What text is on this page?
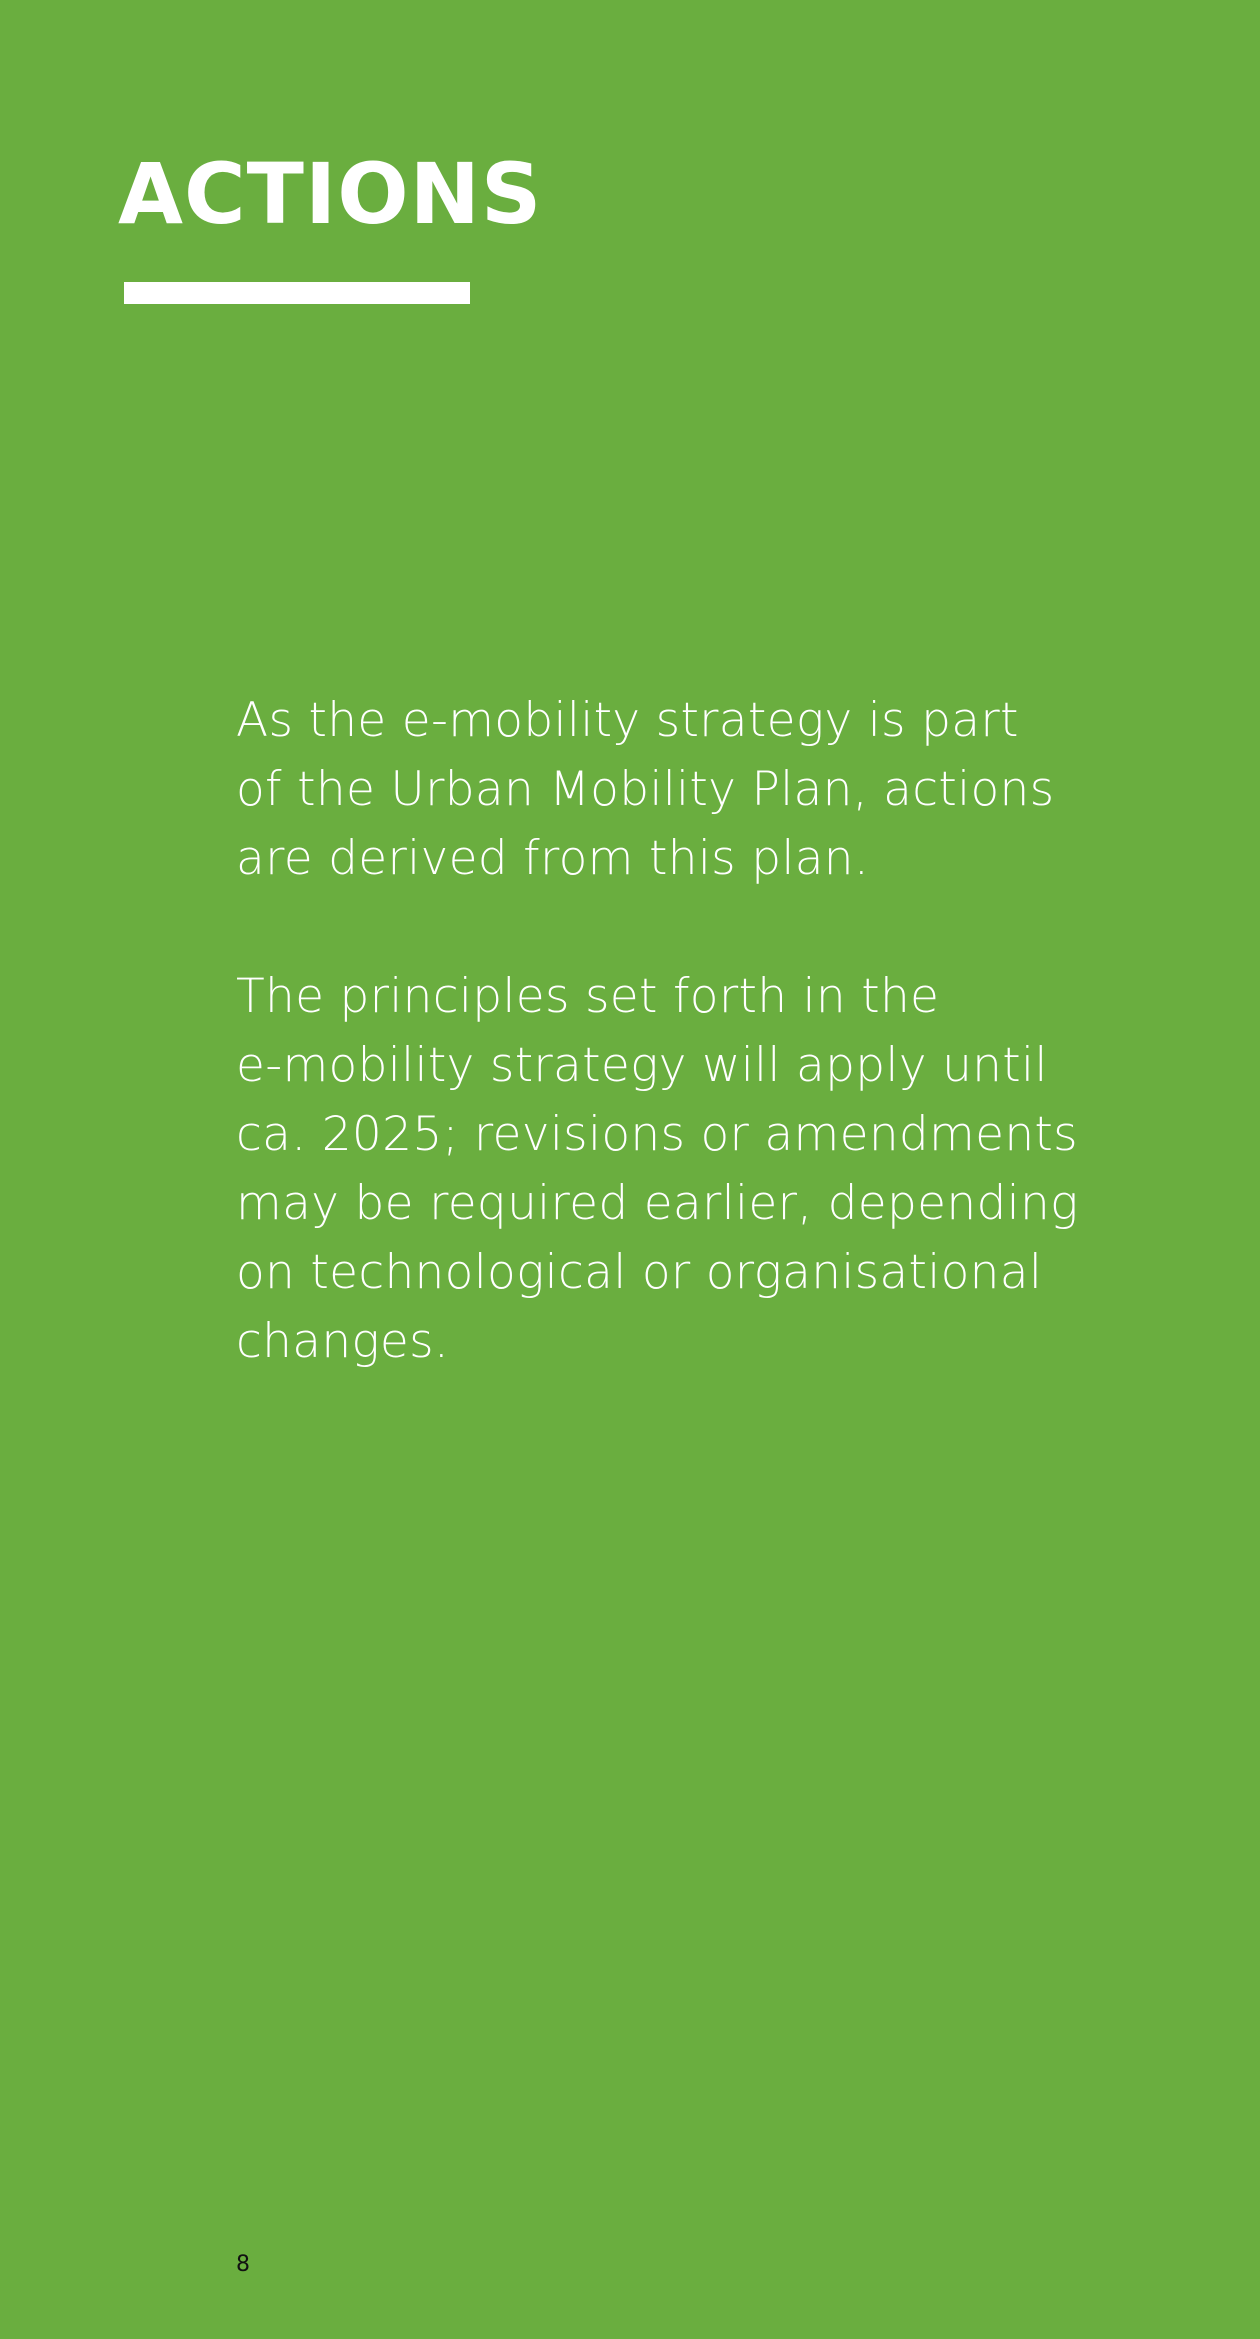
ACTIONS

As the e-mobility strategy is part
of the Urban Mobility Plan, actions
are derived from this plan.

The principles set forth in the
e-mobility strategy will apply until
ca. 2025; revisions or amendments
may be required earlier, depending
on technological or organisational
changes.

8
